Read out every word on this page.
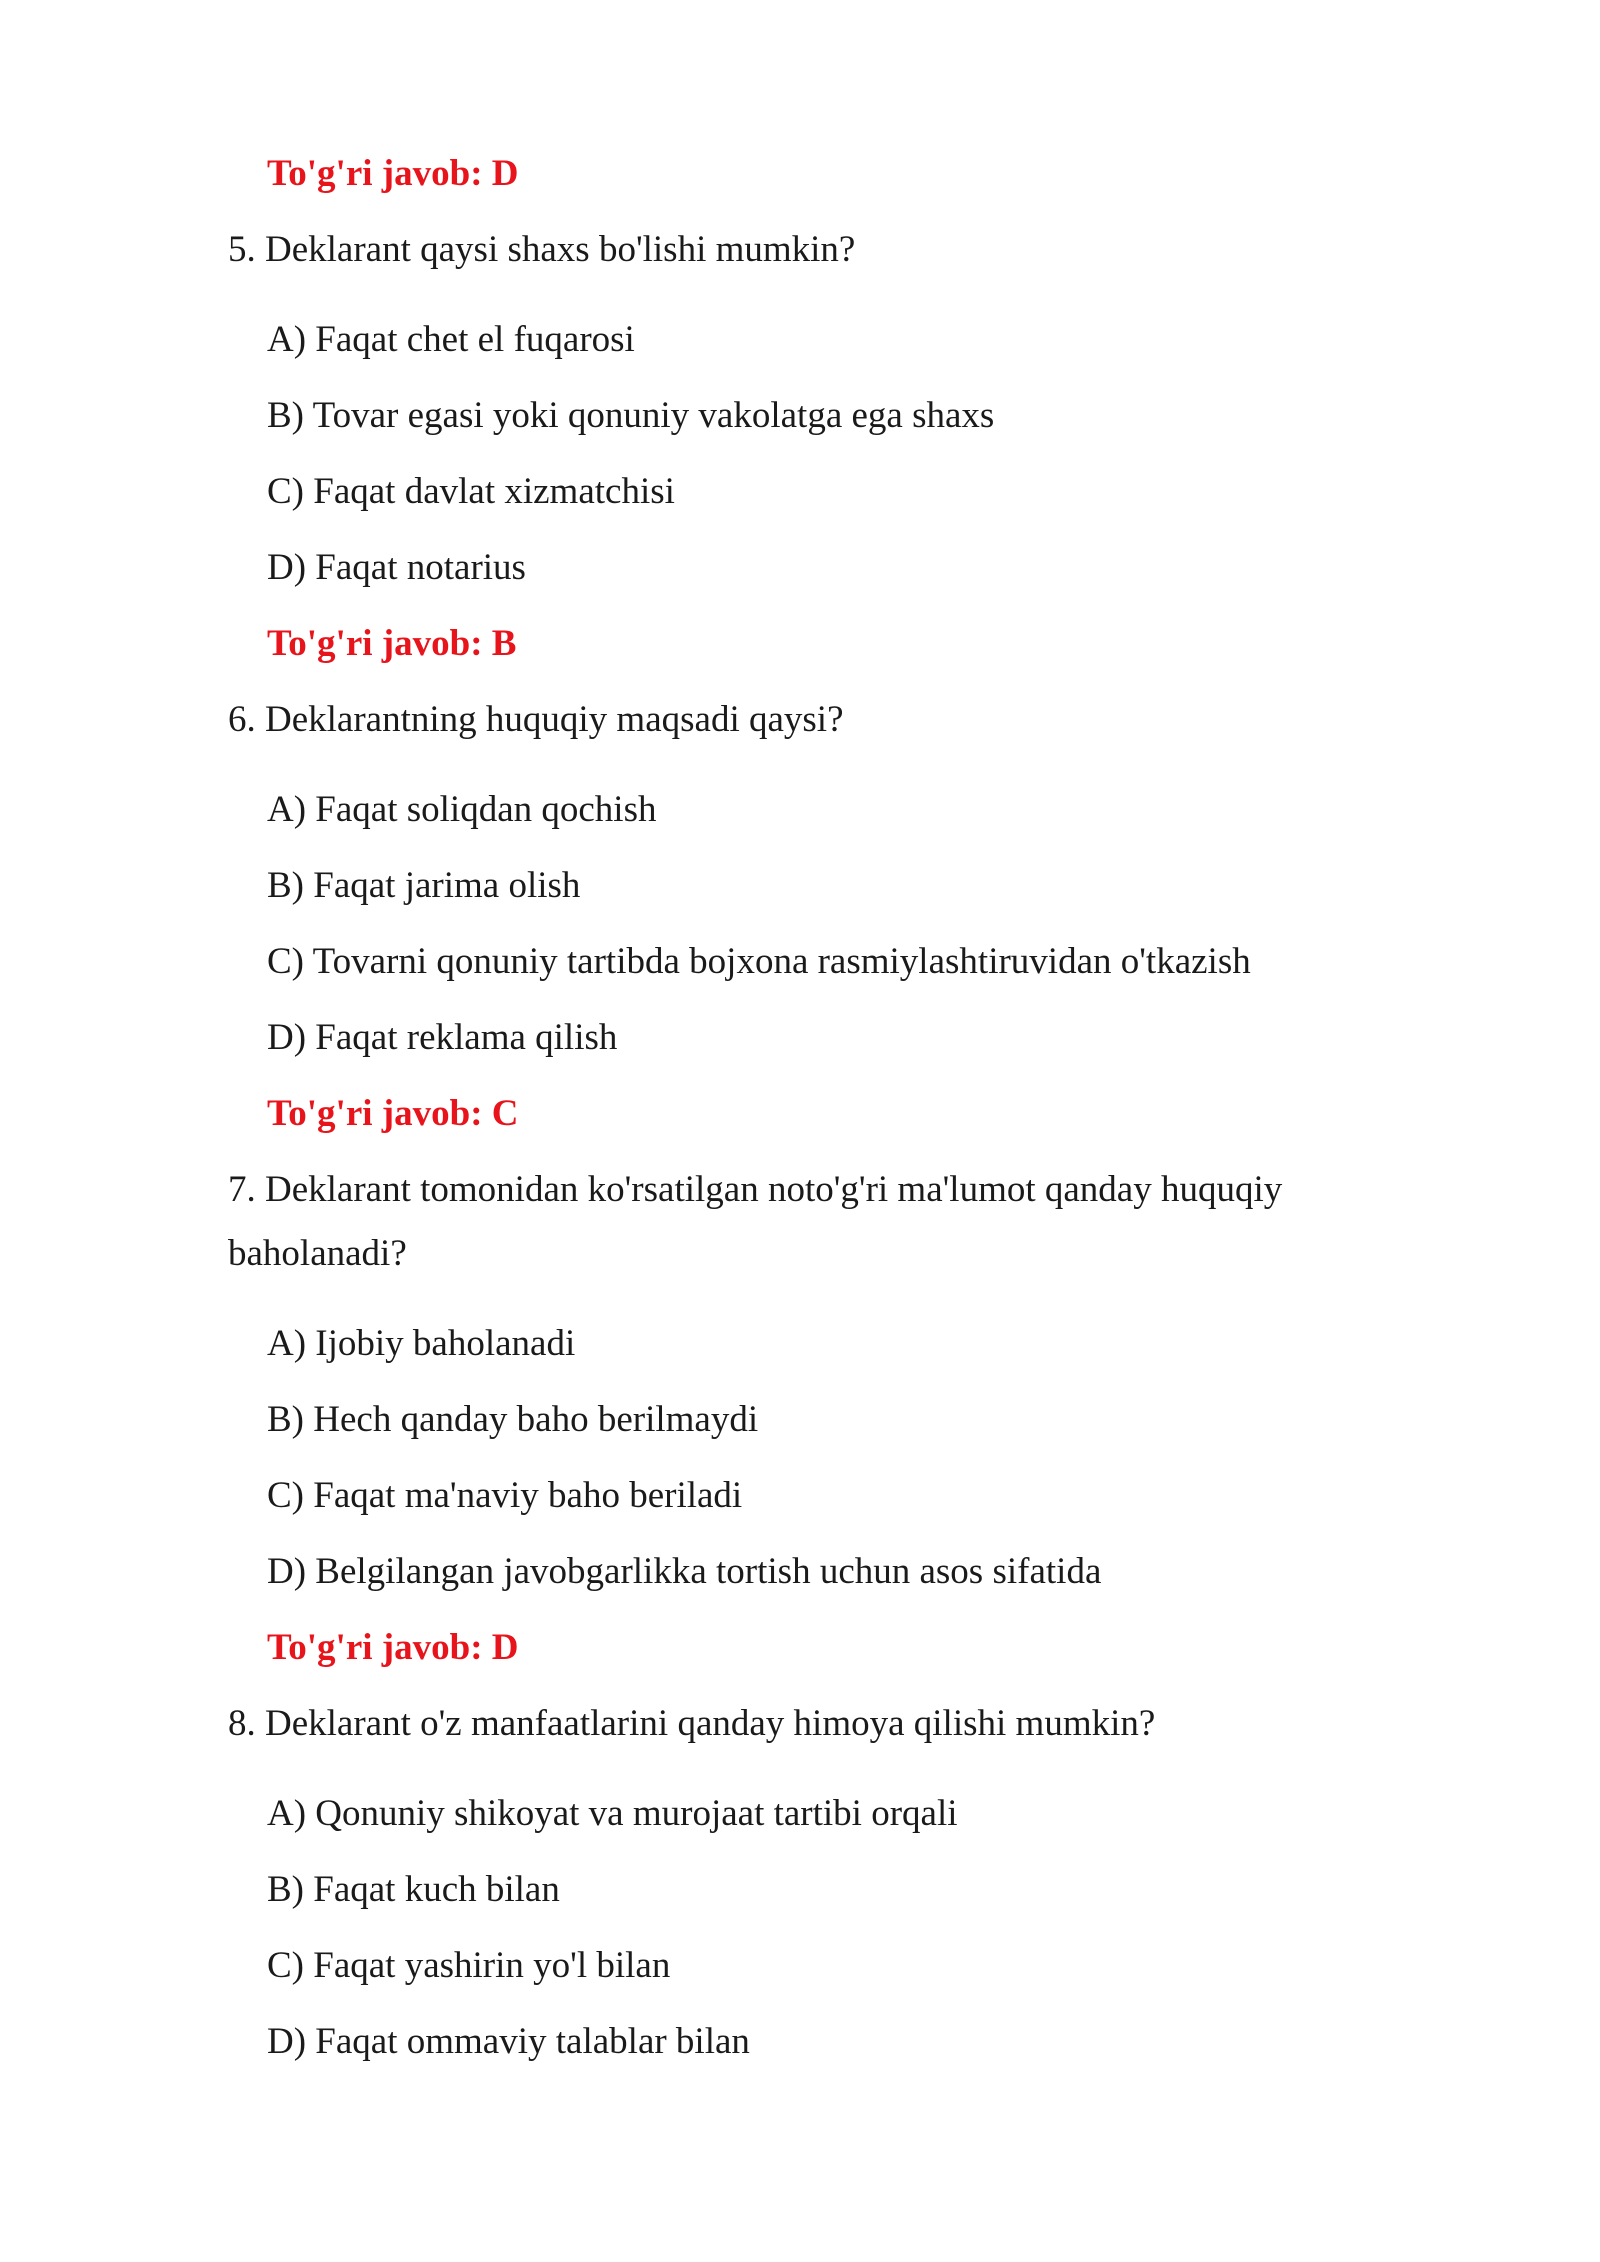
To'g'ri javob: D
5. Deklarant qaysi shaxs bo'lishi mumkin?
A) Faqat chet el fuqarosi
B) Tovar egasi yoki qonuniy vakolatga ega shaxs
C) Faqat davlat xizmatchisi
D) Faqat notarius
To'g'ri javob: B
6. Deklarantning huquqiy maqsadi qaysi?
A) Faqat soliqdan qochish
B) Faqat jarima olish
C) Tovarni qonuniy tartibda bojxona rasmiylashtiruvidan o'tkazish
D) Faqat reklama qilish
To'g'ri javob: C
7. Deklarant tomonidan ko'rsatilgan noto'g'ri ma'lumot qanday huquqiy
baholanadi?
A) Ijobiy baholanadi
B) Hech qanday baho berilmaydi
C) Faqat ma'naviy baho beriladi
D) Belgilangan javobgarlikka tortish uchun asos sifatida
To'g'ri javob: D
8. Deklarant o'z manfaatlarini qanday himoya qilishi mumkin?
A) Qonuniy shikoyat va murojaat tartibi orqali
B) Faqat kuch bilan
C) Faqat yashirin yo'l bilan
D) Faqat ommaviy talablar bilan
